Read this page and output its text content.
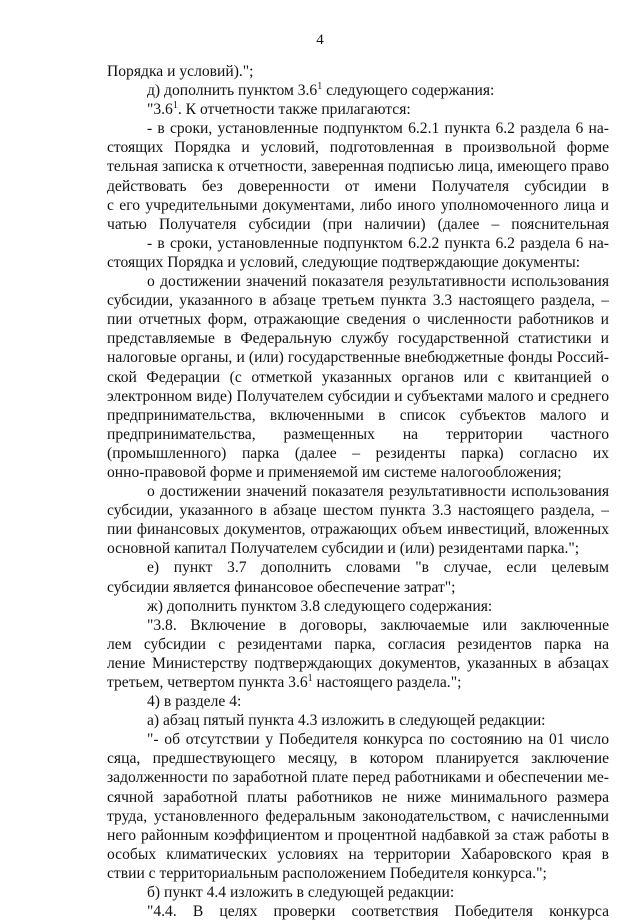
4
Порядка и условий).";
д) дополнить пунктом $3.6^1$ следующего содержания:
"$3.6^1$. К отчетности также прилагаются:
- в сроки, установленные подпунктом 6.2.1 пункта 6.2 раздела 6 на-
стоящих Порядка и условий, подготовленная в произвольной форме
тельная записка к отчетности, заверенная подписью лица, имеющего право
действовать без доверенности от имени Получателя субсидии в
с его учредительными документами, либо иного уполномоченного лица и
чатью Получателя субсидии (при наличии) (далее – пояснительная
- в сроки, установленные подпунктом 6.2.2 пункта 6.2 раздела 6 на-
стоящих Порядка и условий, следующие подтверждающие документы:
о достижении значений показателя результативности использования
субсидии, указанного в абзаце третьем пункта 3.3 настоящего раздела, –
пии отчетных форм, отражающие сведения о численности работников и
представляемые в Федеральную службу государственной статистики и
налоговые органы, и (или) государственные внебюджетные фонды Россий-
ской Федерации (с отметкой указанных органов или с квитанцией о
электронном виде) Получателем субсидии и субъектами малого и среднего
предпринимательства, включенными в список субъектов малого и
предпринимательства, размещенных на территории частного
(промышленного) парка (далее – резиденты парка) согласно их
онно-правовой форме и применяемой им системе налогообложения;
о достижении значений показателя результативности использования
субсидии, указанного в абзаце шестом пункта 3.3 настоящего раздела, –
пии финансовых документов, отражающих объем инвестиций, вложенных
основной капитал Получателем субсидии и (или) резидентами парка.";
е) пункт 3.7 дополнить словами "в случае, если целевым
субсидии является финансовое обеспечение затрат";
ж) дополнить пунктом 3.8 следующего содержания:
"3.8. Включение в договоры, заключаемые или заключенные
лем субсидии с резидентами парка, согласия резидентов парка на
ление Министерству подтверждающих документов, указанных в абзацах
третьем, четвертом пункта $3.6^1$ настоящего раздела.";
4) в разделе 4:
а) абзац пятый пункта 4.3 изложить в следующей редакции:
"- об отсутствии у Победителя конкурса по состоянию на 01 число
сяца, предшествующего месяцу, в котором планируется заключение
задолженности по заработной плате перед работниками и обеспечении ме-
сячной заработной платы работников не ниже минимального размера
труда, установленного федеральным законодательством, с начисленными
него районным коэффициентом и процентной надбавкой за стаж работы в
особых климатических условиях на территории Хабаровского края в
ствии с территориальным расположением Победителя конкурса.";
б) пункт 4.4 изложить в следующей редакции:
"4.4. В целях проверки соответствия Победителя конкурса
